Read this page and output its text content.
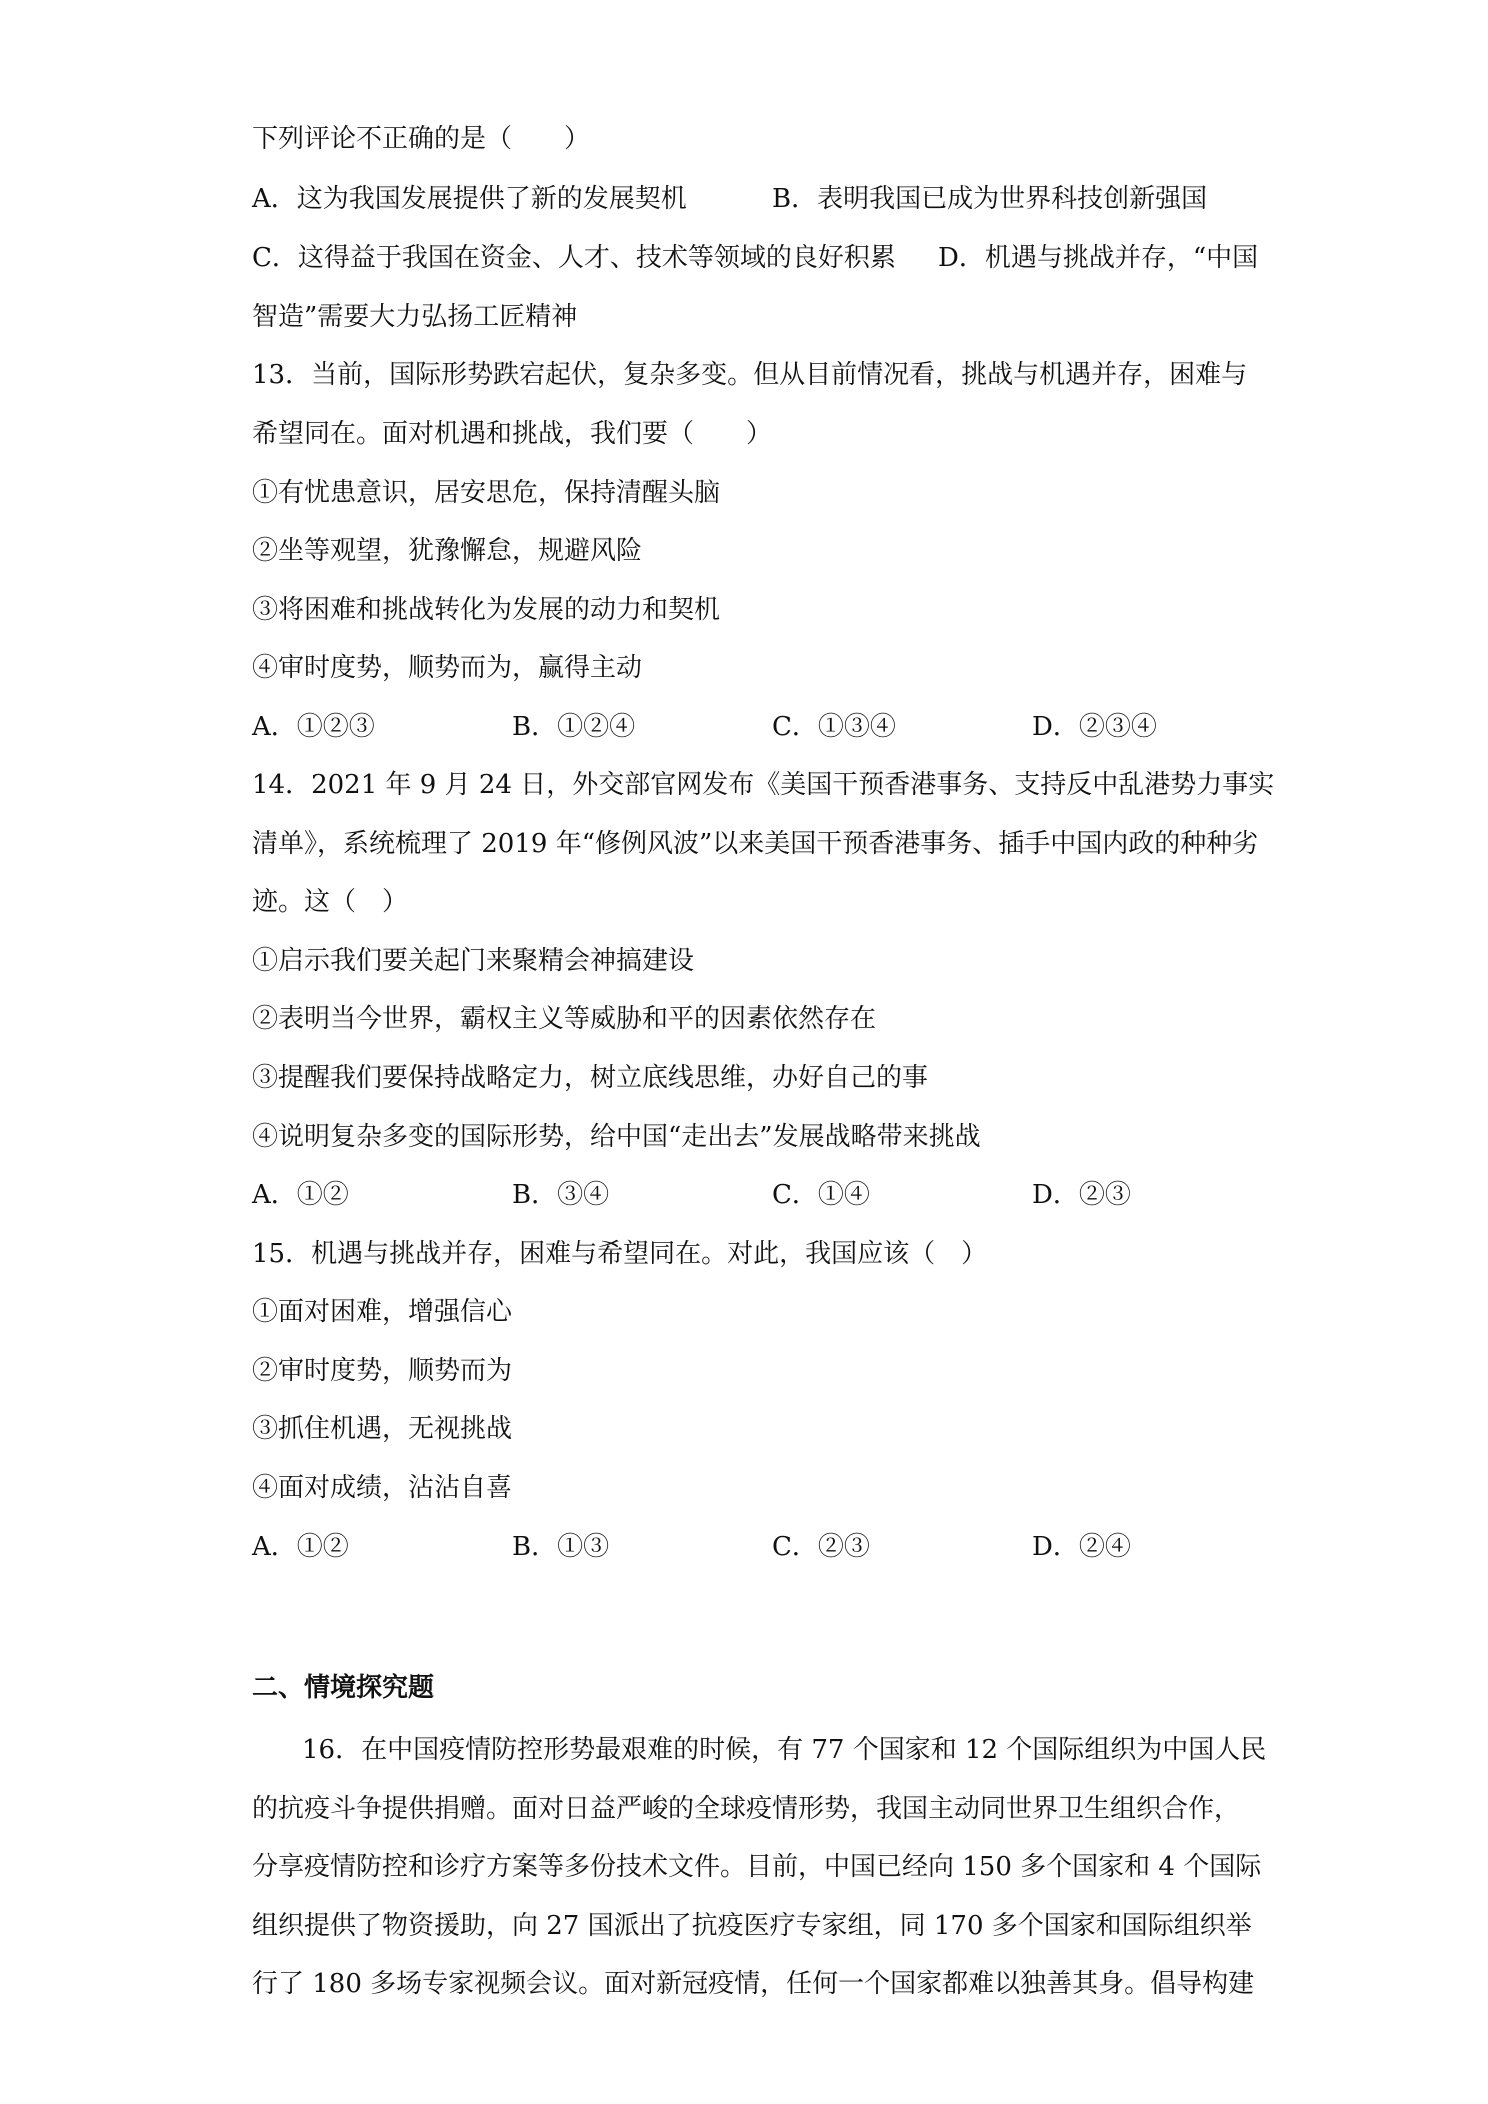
下列评论不正确的是（　　）
A．这为我国发展提供了新的发展契机	B．表明我国已成为世界科技创新强国
C．这得益于我国在资金、人才、技术等领域的良好积累 D．机遇与挑战并存，“中国
智造”需要大力弘扬工匠精神
13．当前，国际形势跌宕起伏，复杂多变。但从目前情况看，挑战与机遇并存，困难与
希望同在。面对机遇和挑战，我们要（　　）
①有忧患意识，居安思危，保持清醒头脑
②坐等观望，犹豫懈怠，规避风险
③将困难和挑战转化为发展的动力和契机
④审时度势，顺势而为，赢得主动
A．①②③	B．①②④	C．①③④	D．②③④
14．2021 年 9 月 24 日，外交部官网发布《美国干预香港事务、支持反中乱港势力事实
清单》，系统梳理了 2019 年“修例风波”以来美国干预香港事务、插手中国内政的种种劣
迹。这（　）
①启示我们要关起门来聚精会神搞建设
②表明当今世界，霸权主义等威胁和平的因素依然存在
③提醒我们要保持战略定力，树立底线思维，办好自己的事
④说明复杂多变的国际形势，给中国“走出去”发展战略带来挑战
A．①②	B．③④	C．①④	D．②③
15．机遇与挑战并存，困难与希望同在。对此，我国应该（　）
①面对困难，增强信心
②审时度势，顺势而为
③抓住机遇，无视挑战
④面对成绩，沾沾自喜
A．①②	B．①③	C．②③	D．②④
二、情境探究题
16．在中国疫情防控形势最艰难的时候，有 77 个国家和 12 个国际组织为中国人民
的抗疫斗争提供捐赠。面对日益严峻的全球疫情形势，我国主动同世界卫生组织合作，
分享疫情防控和诊疗方案等多份技术文件。目前，中国已经向 150 多个国家和 4 个国际
组织提供了物资援助，向 27 国派出了抗疫医疗专家组，同 170 多个国家和国际组织举
行了 180 多场专家视频会议。面对新冠疫情，任何一个国家都难以独善其身。倡导构建
